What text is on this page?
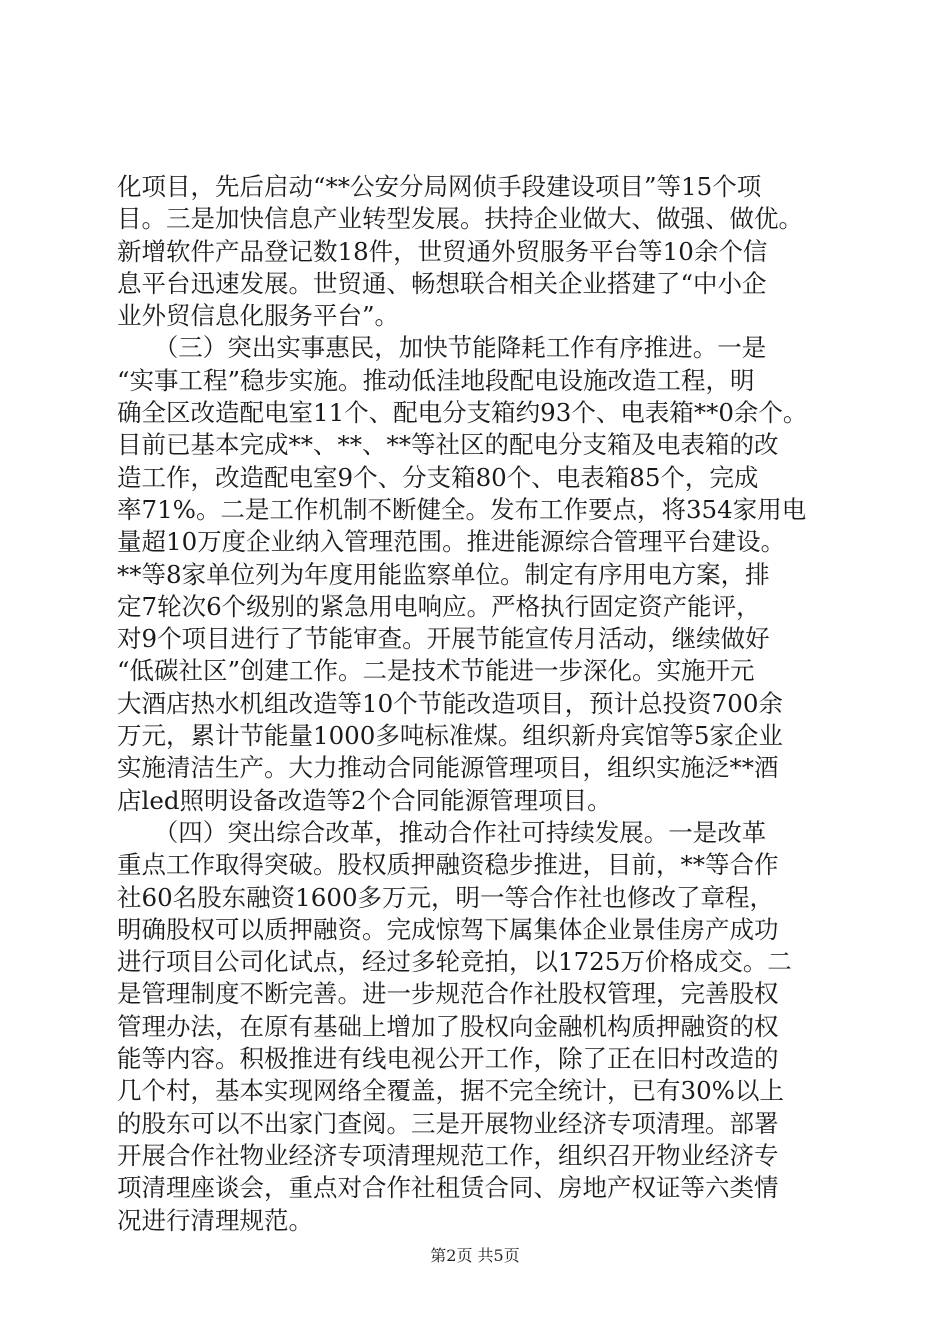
化项目，先后启动“**公安分局网侦手段建设项目”等15个项
目。三是加快信息产业转型发展。扶持企业做大、做强、做优。
新增软件产品登记数18件，世贸通外贸服务平台等10余个信
息平台迅速发展。世贸通、畅想联合相关企业搭建了“中小企
业外贸信息化服务平台”。
　　（三）突出实事惠民，加快节能降耗工作有序推进。一是
“实事工程”稳步实施。推动低洼地段配电设施改造工程，明
确全区改造配电室11个、配电分支箱约93个、电表箱**0余个。
目前已基本完成**、**、**等社区的配电分支箱及电表箱的改
造工作，改造配电室9个、分支箱80个、电表箱85个，完成
率71%。二是工作机制不断健全。发布工作要点，将354家用电
量超10万度企业纳入管理范围。推进能源综合管理平台建设。
**等8家单位列为年度用能监察单位。制定有序用电方案，排
定7轮次6个级别的紧急用电响应。严格执行固定资产能评，
对9个项目进行了节能审查。开展节能宣传月活动，继续做好
“低碳社区”创建工作。二是技术节能进一步深化。实施开元
大酒店热水机组改造等10个节能改造项目，预计总投资700余
万元，累计节能量1000多吨标准煤。组织新舟宾馆等5家企业
实施清洁生产。大力推动合同能源管理项目，组织实施泛**酒
店led照明设备改造等2个合同能源管理项目。
　　（四）突出综合改革，推动合作社可持续发展。一是改革
重点工作取得突破。股权质押融资稳步推进，目前，**等合作
社60名股东融资1600多万元，明一等合作社也修改了章程，
明确股权可以质押融资。完成惊驾下属集体企业景佳房产成功
进行项目公司化试点，经过多轮竞拍，以1725万价格成交。二
是管理制度不断完善。进一步规范合作社股权管理，完善股权
管理办法，在原有基础上增加了股权向金融机构质押融资的权
能等内容。积极推进有线电视公开工作，除了正在旧村改造的
几个村，基本实现网络全覆盖，据不完全统计，已有30%以上
的股东可以不出家门查阅。三是开展物业经济专项清理。部署
开展合作社物业经济专项清理规范工作，组织召开物业经济专
项清理座谈会，重点对合作社租赁合同、房地产权证等六类情
况进行清理规范。
第2页 共5页
